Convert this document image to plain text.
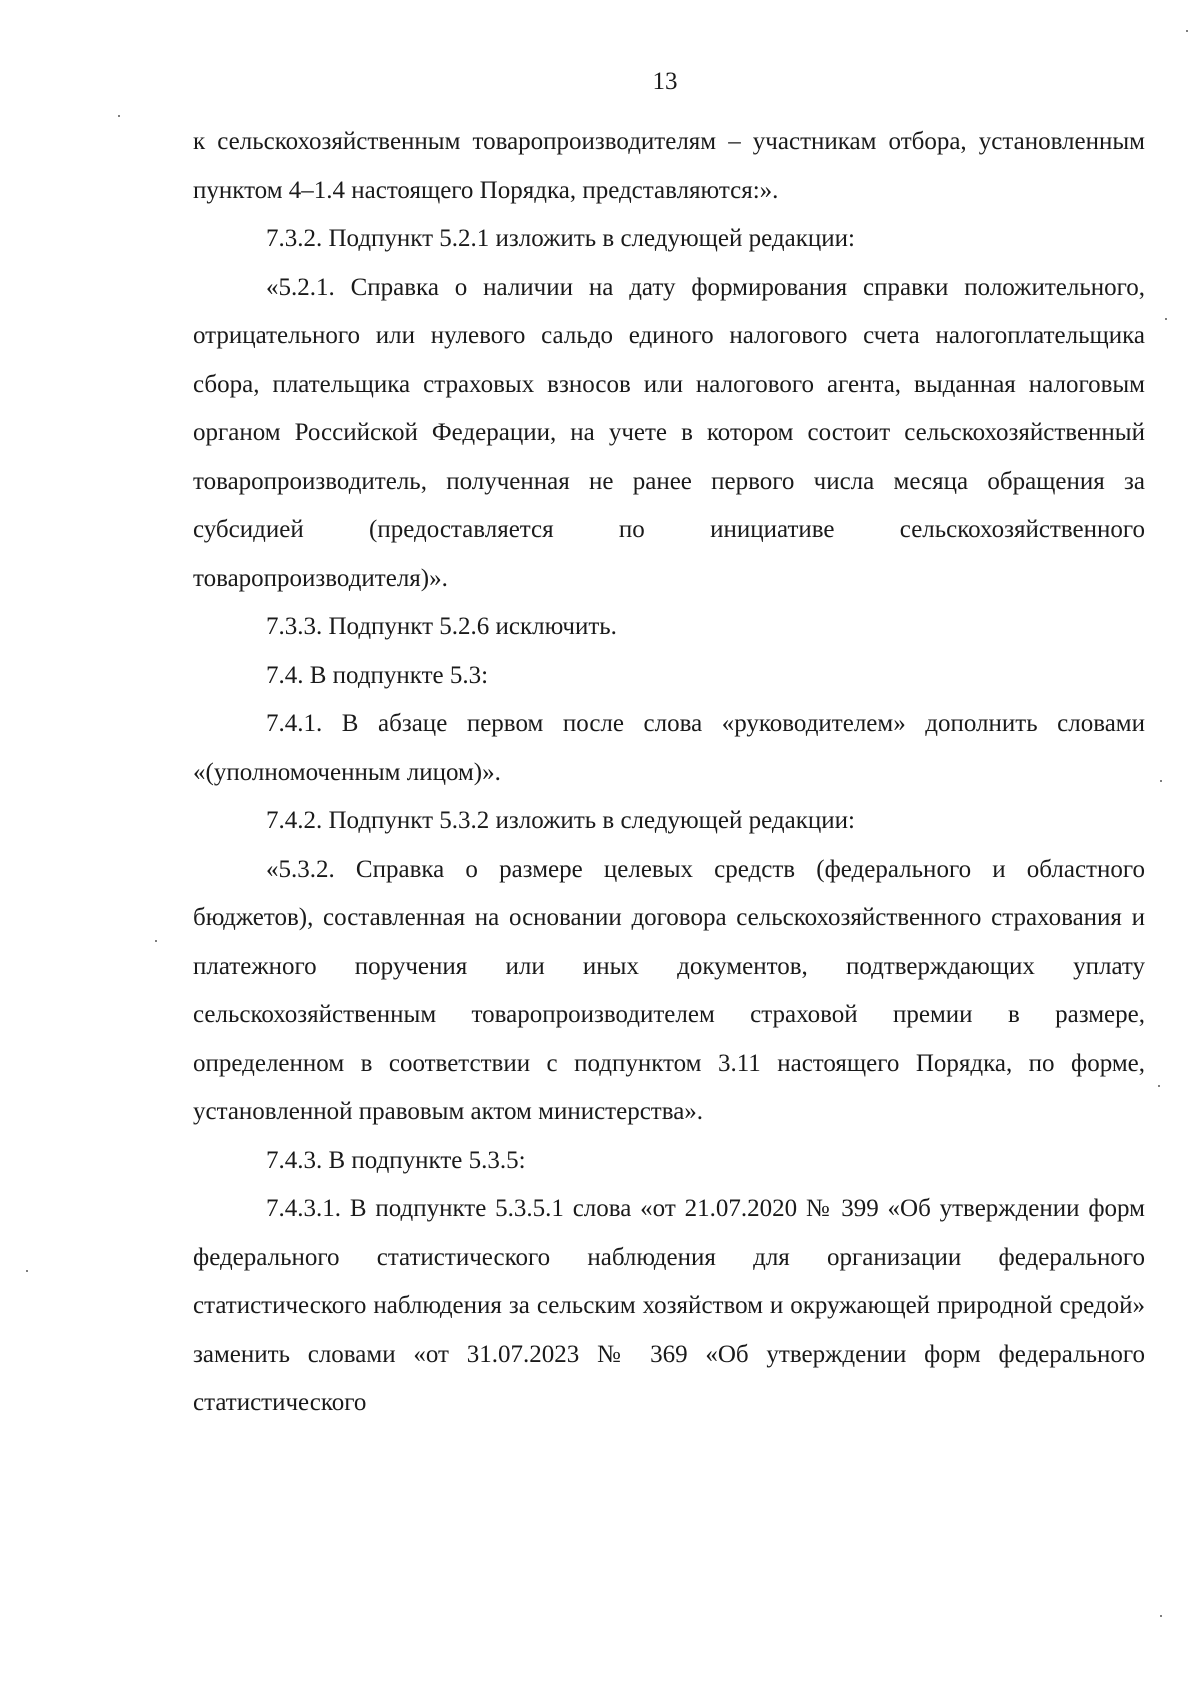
13

к сельскохозяйственным товаропроизводителям – участникам отбора, установленным пунктом 4–1.4 настоящего Порядка, представляются:».

7.3.2. Подпункт 5.2.1 изложить в следующей редакции:

«5.2.1. Справка о наличии на дату формирования справки положительного, отрицательного или нулевого сальдо единого налогового счета налогоплательщика сбора, плательщика страховых взносов или налогового агента, выданная налоговым органом Российской Федерации, на учете в котором состоит сельскохозяйственный товаропроизводитель, полученная не ранее первого числа месяца обращения за субсидией (предоставляется по инициативе сельскохозяйственного товаропроизводителя)».

7.3.3. Подпункт 5.2.6 исключить.

7.4. В подпункте 5.3:

7.4.1. В абзаце первом после слова «руководителем» дополнить словами «(уполномоченным лицом)».

7.4.2. Подпункт 5.3.2 изложить в следующей редакции:

«5.3.2. Справка о размере целевых средств (федерального и областного бюджетов), составленная на основании договора сельскохозяйственного страхования и платежного поручения или иных документов, подтверждающих уплату сельскохозяйственным товаропроизводителем страховой премии в размере, определенном в соответствии с подпунктом 3.11 настоящего Порядка, по форме, установленной правовым актом министерства».

7.4.3. В подпункте 5.3.5:

7.4.3.1. В подпункте 5.3.5.1 слова «от 21.07.2020 № 399 «Об утверждении форм федерального статистического наблюдения для организации федерального статистического наблюдения за сельским хозяйством и окружающей природной средой» заменить словами «от 31.07.2023 № 369 «Об утверждении форм федерального статистического
